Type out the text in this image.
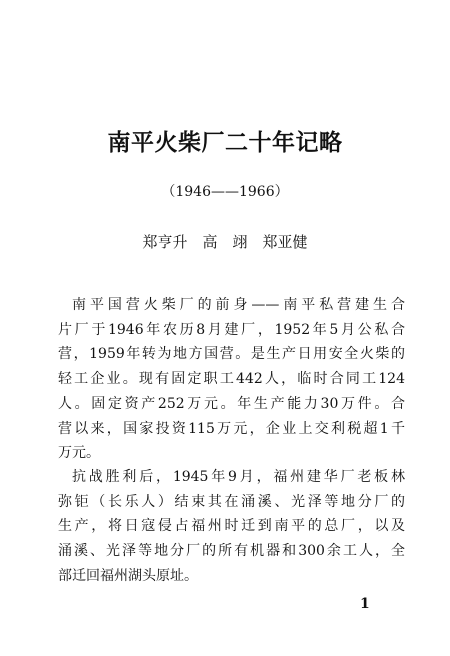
南平火柴厂二十年记略
（1946——1966）
郑亨升　高　翊　郑亚健
南平国营火柴厂的前身——南平私营建生合
片厂于1946年农历8月建厂，1952年5月公私合
营，1959年转为地方国营。是生产日用安全火柴的
轻工企业。现有固定职工442人，临时合同工124
人。固定资产252万元。年生产能力30万件。合
营以来，国家投资115万元，企业上交利税超1千
万元。
抗战胜利后，1945年9月，福州建华厂老板林
弥钜（长乐人）结束其在涌溪、光泽等地分厂的
生产，将日寇侵占福州时迁到南平的总厂，以及
涌溪、光泽等地分厂的所有机器和300余工人，全
部迁回福州湖头原址。
1
